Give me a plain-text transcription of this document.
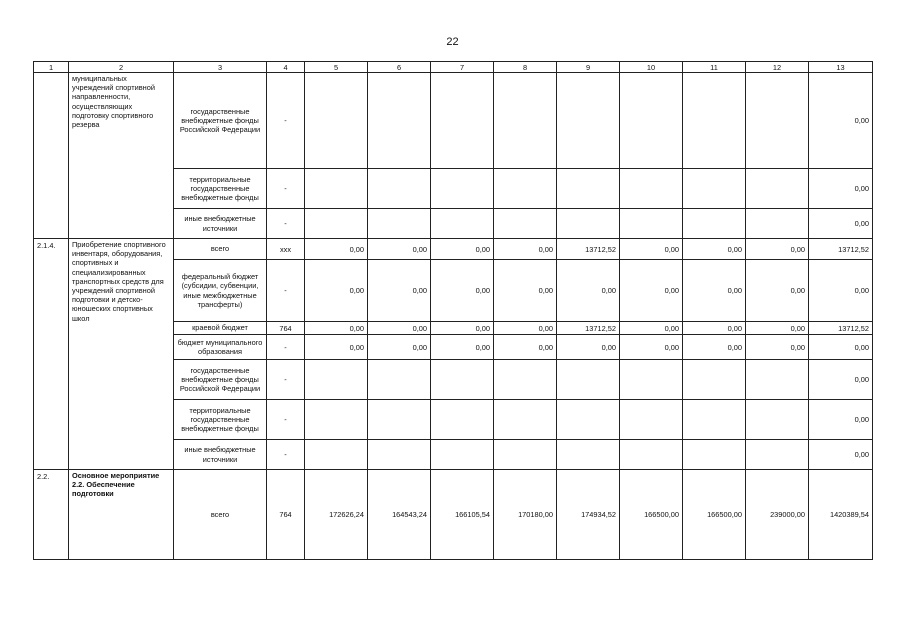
22
1	2	3	4	5	6	7	8	9	10	11	12	13
	муниципальных учреждений спортивной направленности, осуществляющих подготовку спортивного резерва	государственные внебюджетные фонды Российской Федерации	-									0,00
		территориальные государственные внебюджетные фонды	-									0,00
		иные внебюджетные источники	-									0,00
2.1.4.	Приобретение спортивного инвентаря, оборудования, спортивных и специализированных транспортных средств для учреждений спортивной подготовки и детско-юношеских спортивных школ	всего	ххх	0,00	0,00	0,00	0,00	13712,52	0,00	0,00	0,00	13712,52
		федеральный бюджет (субсидии, субвенции, иные межбюджетные трансферты)	-	0,00	0,00	0,00	0,00	0,00	0,00	0,00	0,00	0,00
		краевой бюджет	764	0,00	0,00	0,00	0,00	13712,52	0,00	0,00	0,00	13712,52
		бюджет муниципального образования	-	0,00	0,00	0,00	0,00	0,00	0,00	0,00	0,00	0,00
		государственные внебюджетные фонды Российской Федерации	-									0,00
		территориальные государственные внебюджетные фонды	-									0,00
		иные внебюджетные источники	-									0,00
2.2.	Основное мероприятие 2.2. Обеспечение подготовки	всего	764	172626,24	164543,24	166105,54	170180,00	174934,52	166500,00	166500,00	239000,00	1420389,54
